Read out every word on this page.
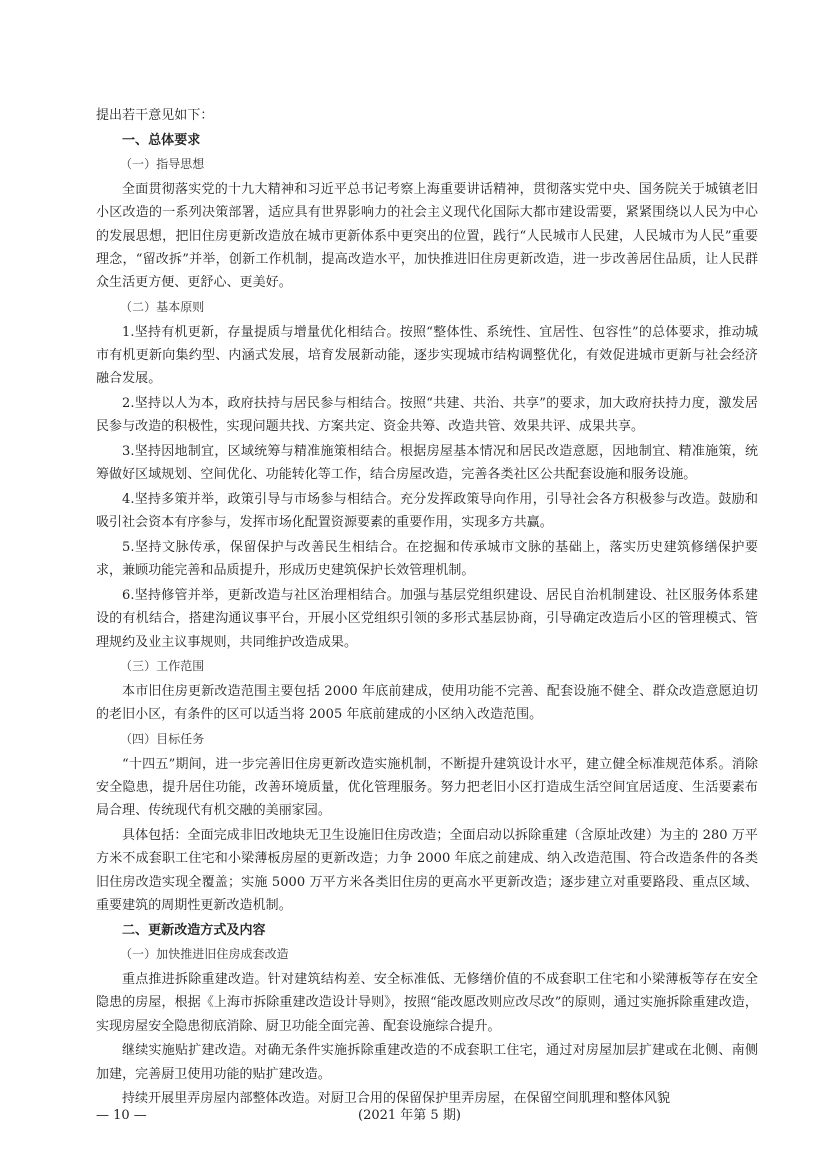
提出若干意见如下：

一、总体要求

（一）指导思想

全面贯彻落实党的十九大精神和习近平总书记考察上海重要讲话精神，贯彻落实党中央、国务院关于城镇老旧小区改造的一系列决策部署，适应具有世界影响力的社会主义现代化国际大都市建设需要，紧紧围绕以人民为中心的发展思想，把旧住房更新改造放在城市更新体系中更突出的位置，践行“人民城市人民建，人民城市为人民”重要理念，“留改拆”并举，创新工作机制，提高改造水平，加快推进旧住房更新改造，进一步改善居住品质，让人民群众生活更方便、更舒心、更美好。

（二）基本原则

1.坚持有机更新，存量提质与增量优化相结合。按照“整体性、系统性、宜居性、包容性”的总体要求，推动城市有机更新向集约型、内涵式发展，培育发展新动能，逐步实现城市结构调整优化，有效促进城市更新与社会经济融合发展。

2.坚持以人为本，政府扶持与居民参与相结合。按照“共建、共治、共享”的要求，加大政府扶持力度，激发居民参与改造的积极性，实现问题共找、方案共定、资金共筹、改造共管、效果共评、成果共享。

3.坚持因地制宜，区域统筹与精准施策相结合。根据房屋基本情况和居民改造意愿，因地制宜、精准施策，统筹做好区域规划、空间优化、功能转化等工作，结合房屋改造，完善各类社区公共配套设施和服务设施。

4.坚持多策并举，政策引导与市场参与相结合。充分发挥政策导向作用，引导社会各方积极参与改造。鼓励和吸引社会资本有序参与，发挥市场化配置资源要素的重要作用，实现多方共赢。

5.坚持文脉传承，保留保护与改善民生相结合。在挖掘和传承城市文脉的基础上，落实历史建筑修缮保护要求，兼顾功能完善和品质提升，形成历史建筑保护长效管理机制。

6.坚持修管并举，更新改造与社区治理相结合。加强与基层党组织建设、居民自治机制建设、社区服务体系建设的有机结合，搭建沟通议事平台，开展小区党组织引领的多形式基层协商，引导确定改造后小区的管理模式、管理规约及业主议事规则，共同维护改造成果。

（三）工作范围

本市旧住房更新改造范围主要包括 2000 年底前建成，使用功能不完善、配套设施不健全、群众改造意愿迫切的老旧小区，有条件的区可以适当将 2005 年底前建成的小区纳入改造范围。

（四）目标任务

“十四五”期间，进一步完善旧住房更新改造实施机制，不断提升建筑设计水平，建立健全标准规范体系。消除安全隐患，提升居住功能，改善环境质量，优化管理服务。努力把老旧小区打造成生活空间宜居适度、生活要素布局合理、传统现代有机交融的美丽家园。

具体包括：全面完成非旧改地块无卫生设施旧住房改造；全面启动以拆除重建（含原址改建）为主的 280 万平方米不成套职工住宅和小梁薄板房屋的更新改造；力争 2000 年底之前建成、纳入改造范围、符合改造条件的各类旧住房改造实现全覆盖；实施 5000 万平方米各类旧住房的更高水平更新改造；逐步建立对重要路段、重点区域、重要建筑的周期性更新改造机制。

二、更新改造方式及内容

（一）加快推进旧住房成套改造

重点推进拆除重建改造。针对建筑结构差、安全标准低、无修缮价值的不成套职工住宅和小梁薄板等存在安全隐患的房屋，根据《上海市拆除重建改造设计导则》，按照“能改愿改则应改尽改”的原则，通过实施拆除重建改造，实现房屋安全隐患彻底消除、厨卫功能全面完善、配套设施综合提升。

继续实施贴扩建改造。对确无条件实施拆除重建改造的不成套职工住宅，通过对房屋加层扩建或在北侧、南侧加建，完善厨卫使用功能的贴扩建改造。

持续开展里弄房屋内部整体改造。对厨卫合用的保留保护里弄房屋，在保留空间肌理和整体风貌

— 10 —	(2021 年第 5 期)
